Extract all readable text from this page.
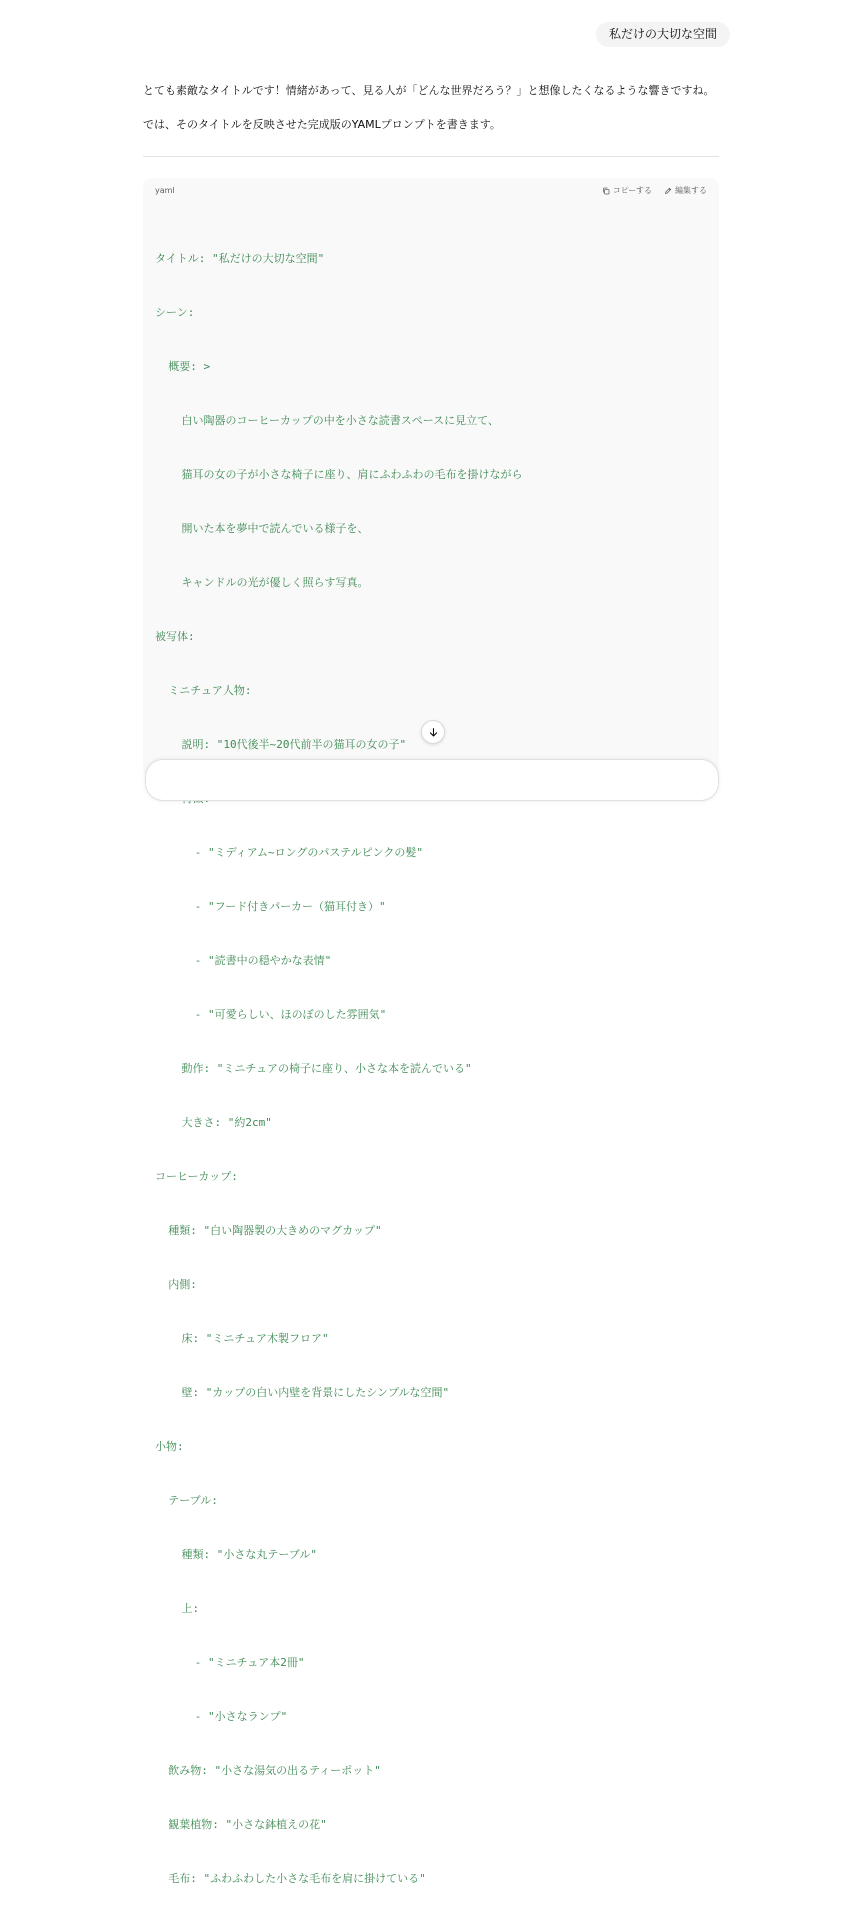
私だけの大切な空間
とても素敵なタイトルです！情緒があって、見る人が「どんな世界だろう？」と想像したくなるような響きですね。
では、そのタイトルを反映させた完成版のYAMLプロンプトを書きます。
yaml	コピーする	編集する

タイトル: "私だけの大切な空間"

シーン:

概要: >

白い陶器のコーヒーカップの中を小さな読書スペースに見立て、

猫耳の女の子が小さな椅子に座り、肩にふわふわの毛布を掛けながら

開いた本を夢中で読んでいる様子を、

キャンドルの光が優しく照らす写真。

被写体:

ミニチュア人物:

説明: "10代後半~20代前半の猫耳の女の子"

- "ミディアム~ロングのパステルピンクの髪"

- "フード付きパーカー（猫耳付き）"

- "読書中の穏やかな表情"

- "可愛らしい、ほのぼのした雰囲気"

動作: "ミニチュアの椅子に座り、小さな本を読んでいる"

大きさ: "約2cm"

コーヒーカップ:

種類: "白い陶器製の大きめのマグカップ"

内側:

床: "ミニチュア木製フロア"

壁: "カップの白い内壁を背景にしたシンプルな空間"

小物:

テーブル:

種類: "小さな丸テーブル"

上:

- "ミニチュア本2冊"

- "小さなランプ"

飲み物: "小さな湯気の出るティーポット"

観葉植物: "小さな鉢植えの花"

毛布: "ふわふわした小さな毛布を肩に掛けている"
